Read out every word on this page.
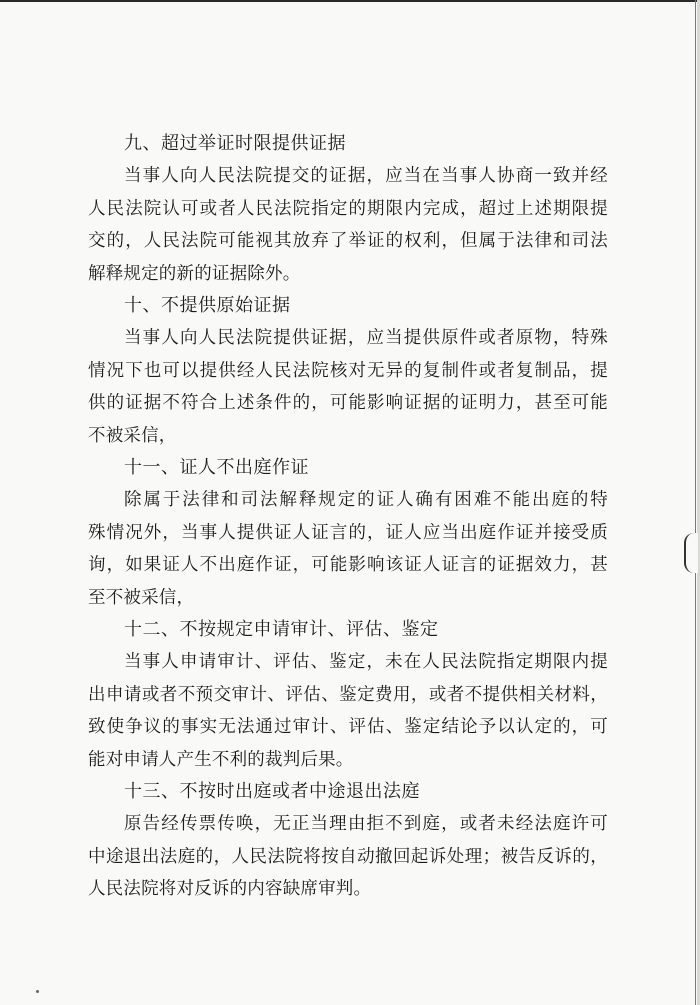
九、超过举证时限提供证据
当事人向人民法院提交的证据，应当在当事人协商一致并经
人民法院认可或者人民法院指定的期限内完成，超过上述期限提
交的，人民法院可能视其放弃了举证的权利，但属于法律和司法
解释规定的新的证据除外。
十、不提供原始证据
当事人向人民法院提供证据，应当提供原件或者原物，特殊
情况下也可以提供经人民法院核对无异的复制件或者复制品，提
供的证据不符合上述条件的，可能影响证据的证明力，甚至可能
不被采信，
十一、证人不出庭作证
除属于法律和司法解释规定的证人确有困难不能出庭的特
殊情况外，当事人提供证人证言的，证人应当出庭作证并接受质
询，如果证人不出庭作证，可能影响该证人证言的证据效力，甚
至不被采信，
十二、不按规定申请审计、评估、鉴定
当事人申请审计、评估、鉴定，未在人民法院指定期限内提
出申请或者不预交审计、评估、鉴定费用，或者不提供相关材料，
致使争议的事实无法通过审计、评估、鉴定结论予以认定的，可
能对申请人产生不利的裁判后果。
十三、不按时出庭或者中途退出法庭
原告经传票传唤，无正当理由拒不到庭，或者未经法庭许可
中途退出法庭的，人民法院将按自动撤回起诉处理；被告反诉的，
人民法院将对反诉的内容缺席审判。
